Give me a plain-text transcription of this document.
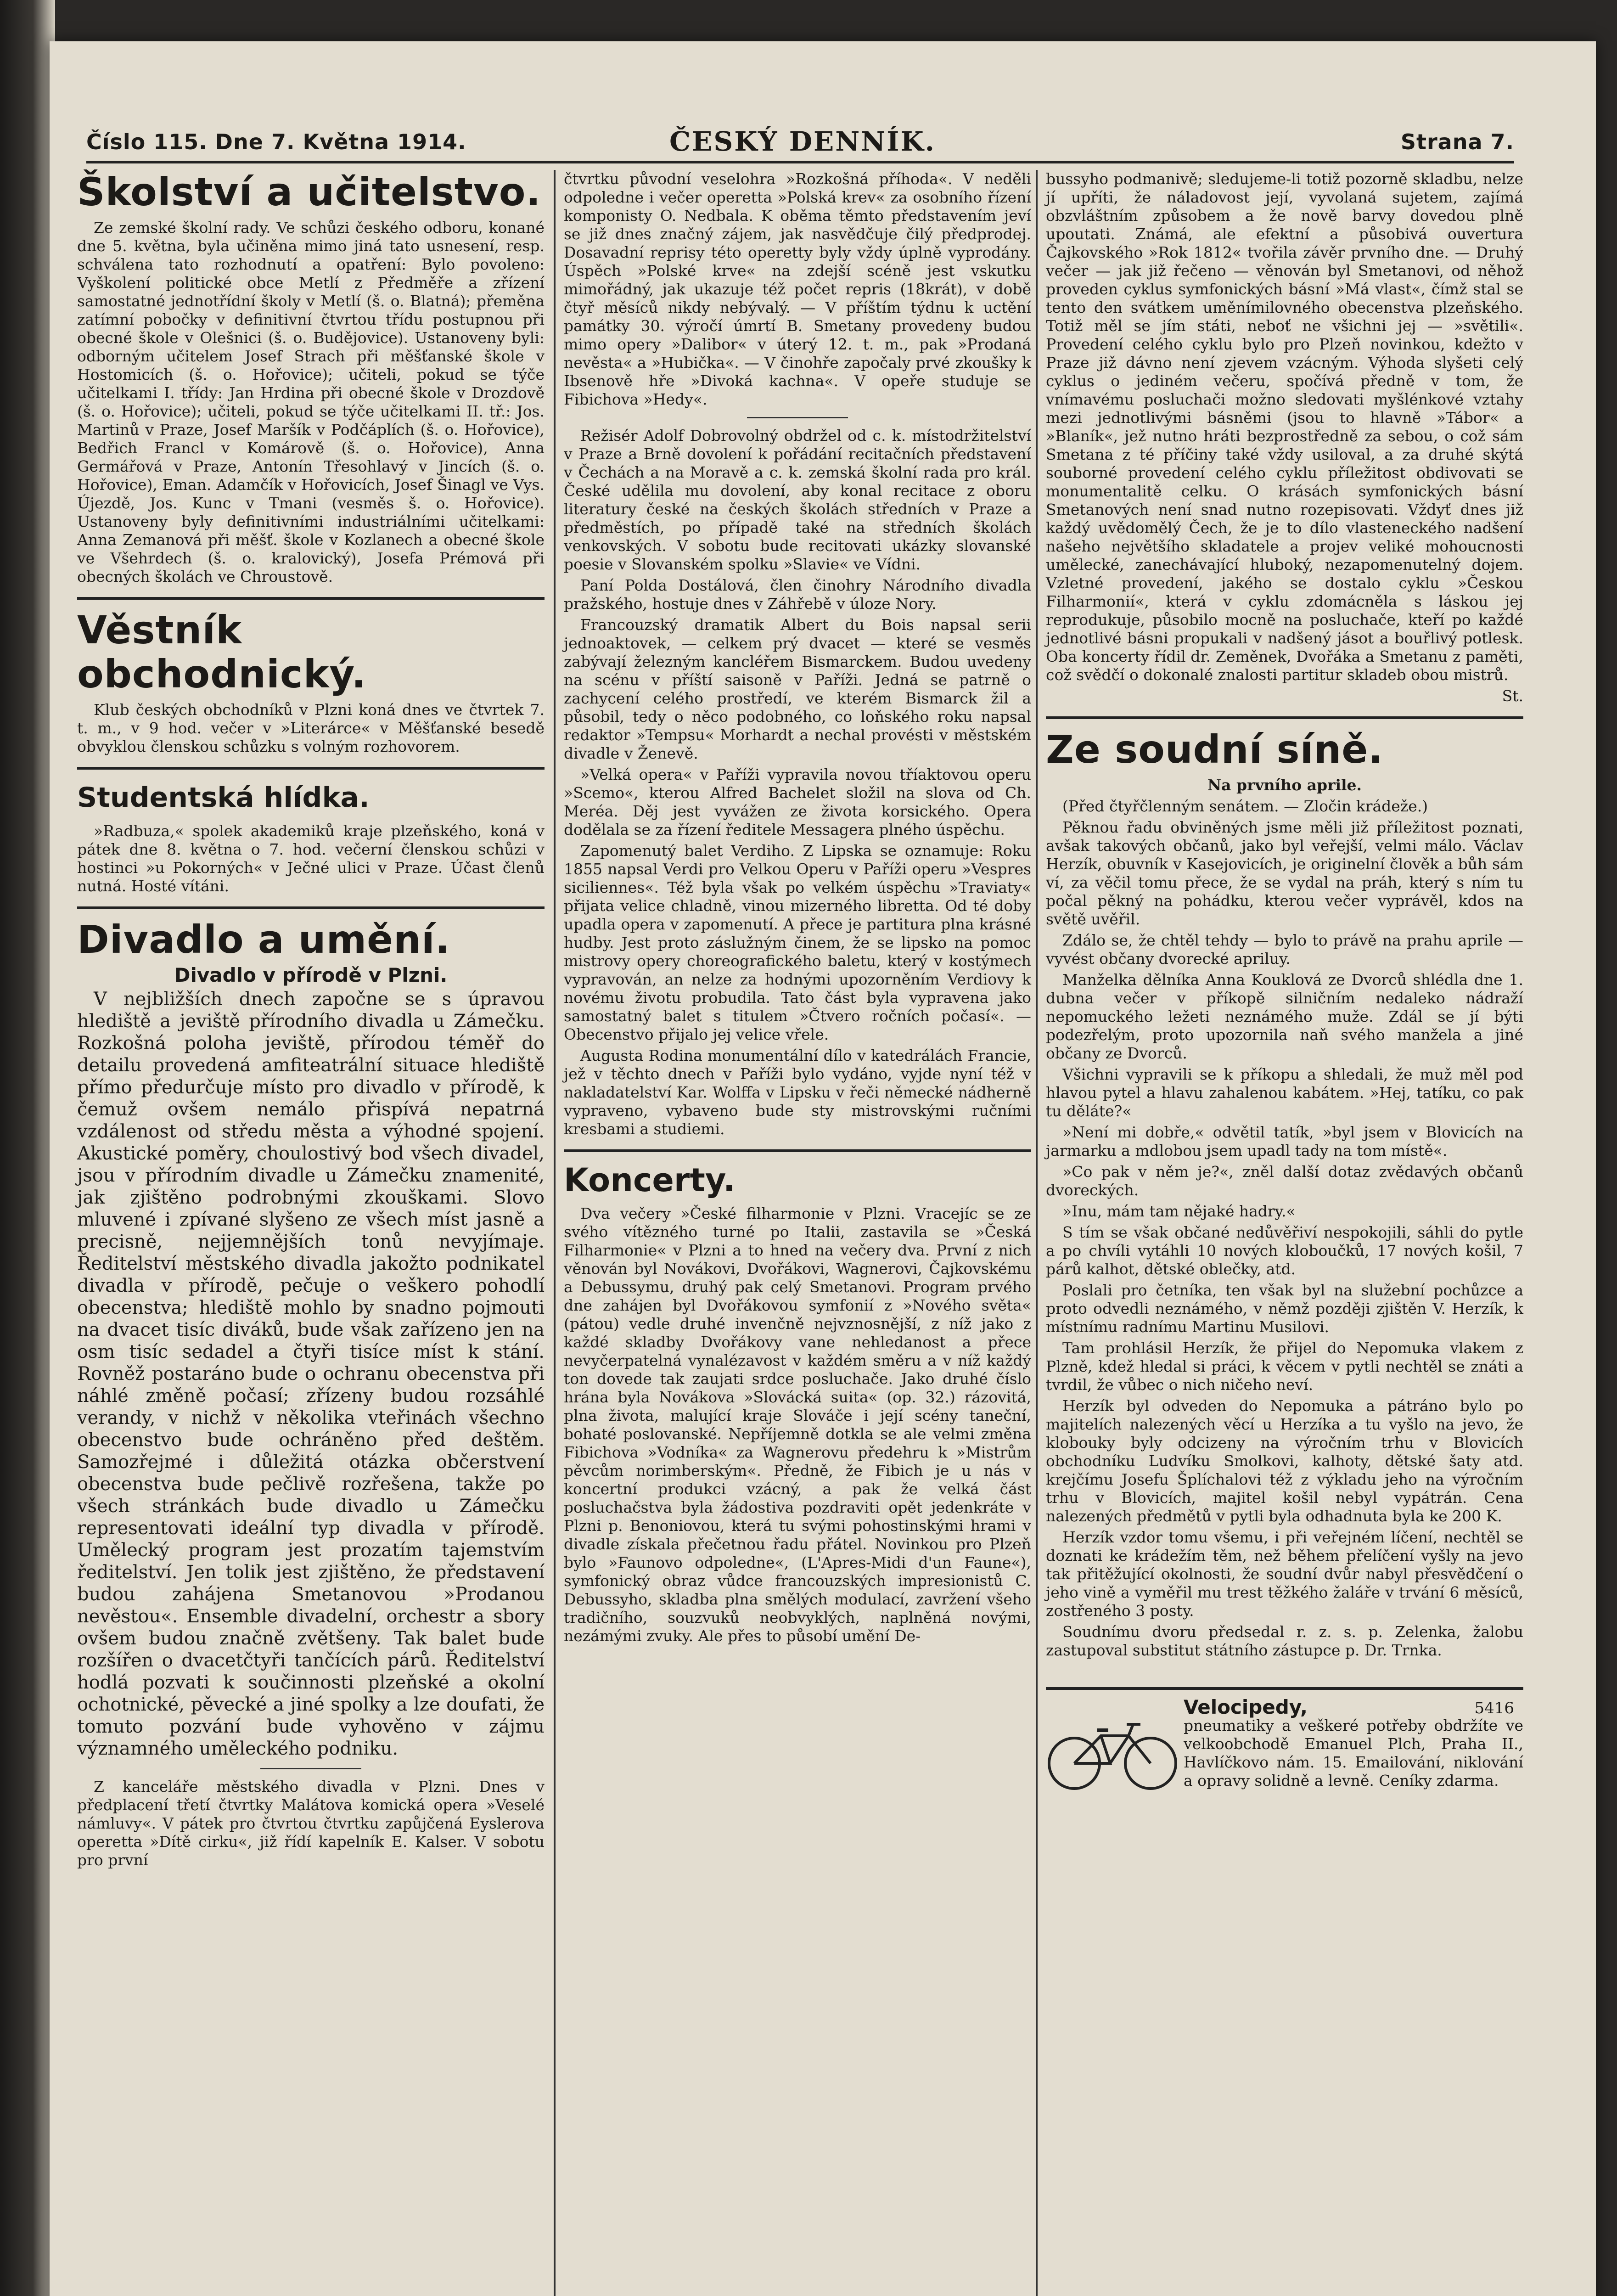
Číslo 115. Dne 7. Května 1914.	ČESKÝ DENNÍK.	Strana 7.
Školství a učitelstvo.

Ze zemské školní rady. Ve schůzi českého odboru, konané dne 5. května, byla učiněna mimo jiná tato usnesení, resp. schválena tato rozhodnutí a opatření: Bylo povoleno: Vyškolení politické obce Metlí z Předměře a zřízení samostatné jednotřídní školy v Metlí (š. o. Blatná); přeměna zatímní pobočky v definitivní čtvrtou třídu postupnou při obecné škole v Olešnici (š. o. Budějovice). Ustanoveny byli: odborným učitelem Josef Strach při měšťanské škole v Hostomicích (š. o. Hořovice); učiteli, pokud se týče učitelkami I. třídy: Jan Hrdina při obecné škole v Drozdově (š. o. Hořovice); učiteli, pokud se týče učitelkami II. tř.: Jos. Martinů v Praze, Josef Maršík v Podčáplích (š. o. Hořovice), Bedřich Francl v Komárově (š. o. Hořovice), Anna Germářová v Praze, Antonín Třesohlavý v Jincích (š. o. Hořovice), Eman. Adamčík v Hořovicích, Josef Šinagl ve Vys. Újezdě, Jos. Kunc v Tmani (vesměs š. o. Hořovice). Ustanoveny byly definitivními industriálními učitelkami: Anna Zemanová při měšť. škole v Kozlanech a obecné škole ve Všehrdech (š. o. kralovický), Josefa Prémová při obecných školách ve Chroustově.

Věstník obchodnický.

Klub českých obchodníků v Plzni koná dnes ve čtvrtek 7. t. m., v 9 hod. večer v »Literárce« v Měšťanské besedě obvyklou členskou schůzku s volným rozhovorem.

Studentská hlídka.

»Radbuza,« spolek akademiků kraje plzeňského, koná v pátek dne 8. května o 7. hod. večerní členskou schůzi v hostinci »u Pokorných« v Ječné ulici v Praze. Účast členů nutná. Hosté vítáni.

Divadlo a umění.
Divadlo v přírodě v Plzni.

V nejbližších dnech započne se s úpravou hlediště a jeviště přírodního divadla u Zámečku. Rozkošná poloha jeviště, přírodou téměř do detailu provedená amfiteatrální situace hlediště přímo předurčuje místo pro divadlo v přírodě, k čemuž ovšem nemálo přispívá nepatrná vzdálenost od středu města a výhodné spojení. Akustické poměry, choulostivý bod všech divadel, jsou v přírodním divadle u Zámečku znamenité, jak zjištěno podrobnými zkouškami. Slovo mluvené i zpívané slyšeno ze všech míst jasně a precisně, nejjemnějších tonů nevyjímaje. Ředitelství městského divadla jakožto podnikatel divadla v přírodě, pečuje o veškero pohodlí obecenstva; hlediště mohlo by snadno pojmouti na dvacet tisíc diváků, bude však zařízeno jen na osm tisíc sedadel a čtyři tisíce míst k stání. Rovněž postaráno bude o ochranu obecenstva při náhlé změně počasí; zřízeny budou rozsáhlé verandy, v nichž v několika vteřinách všechno obecenstvo bude ochráněno před deštěm. Samozřejmé i důležitá otázka občerstvení obecenstva bude pečlivě rozřešena, takže po všech stránkách bude divadlo u Zámečku representovati ideální typ divadla v přírodě. Umělecký program jest prozatím tajemstvím ředitelství. Jen tolik jest zjištěno, že představení budou zahájena Smetanovou »Prodanou nevěstou«. Ensemble divadelní, orchestr a sbory ovšem budou značně zvětšeny. Tak balet bude rozšířen o dvacetčtyři tančících párů. Ředitelství hodlá pozvati k součinnosti plzeňské a okolní ochotnické, pěvecké a jiné spolky a lze doufati, že tomuto pozvání bude vyhověno v zájmu významného uměleckého podniku.

Z kanceláře městského divadla v Plzni. Dnes v předplacení třetí čtvrtky Malátova komická opera »Veselé námluvy«. V pátek pro čtvrtou čtvrtku zapůjčená Eyslerova operetta »Dítě cirku«, již řídí kapelník E. Kalser. V sobotu pro první

čtvrtku původní veselohra »Rozkošná příhoda«. V neděli odpoledne i večer operetta »Polská krev« za osobního řízení komponisty O. Nedbala. K oběma těmto představením jeví se již dnes značný zájem, jak nasvědčuje čilý předprodej. Dosavadní reprisy této operetty byly vždy úplně vyprodány. Úspěch »Polské krve« na zdejší scéně jest vskutku mimořádný, jak ukazuje též počet repris (18krát), v době čtyř měsíců nikdy nebývalý. — V příštím týdnu k uctění památky 30. výročí úmrtí B. Smetany provedeny budou mimo opery »Dalibor« v úterý 12. t. m., pak »Prodaná nevěsta« a »Hubička«. — V činohře započaly prvé zkoušky k Ibsenově hře »Divoká kachna«. V opeře studuje se Fibichova »Hedy«.

Režisér Adolf Dobrovolný obdržel od c. k. místodržitelství v Praze a Brně dovolení k pořádání recitačních představení v Čechách a na Moravě a c. k. zemská školní rada pro král. České udělila mu dovolení, aby konal recitace z oboru literatury české na českých školách středních v Praze a předměstích, po případě také na středních školách venkovských. V sobotu bude recitovati ukázky slovanské poesie v Slovanském spolku »Slavie« ve Vídni.

Paní Polda Dostálová, člen činohry Národního divadla pražského, hostuje dnes v Záhřebě v úloze Nory.

Francouzský dramatik Albert du Bois napsal serii jednoaktovek, — celkem prý dvacet — které se vesměs zabývají železným kancléřem Bismarckem. Budou uvedeny na scénu v příští saisoně v Paříži. Jedná se patrně o zachycení celého prostředí, ve kterém Bismarck žil a působil, tedy o něco podobného, co loňského roku napsal redaktor »Tempsu« Morhardt a nechal provésti v městském divadle v Ženevě.

»Velká opera« v Paříži vypravila novou tříaktovou operu »Scemo«, kterou Alfred Bachelet složil na slova od Ch. Meréa. Děj jest vyvážen ze života korsického. Opera dodělala se za řízení ředitele Messagera plného úspěchu.

Zapomenutý balet Verdiho. Z Lipska se oznamuje: Roku 1855 napsal Verdi pro Velkou Operu v Paříži operu »Vespres siciliennes«. Též byla však po velkém úspěchu »Traviaty« přijata velice chladně, vinou mizerného libretta. Od té doby upadla opera v zapomenutí. A přece je partitura plna krásné hudby. Jest proto záslužným činem, že se lipsko na pomoc mistrovy opery choreografického baletu, který v kostýmech vypravován, an nelze za hodnými upozorněním Verdiovy k novému životu probudila. Tato část byla vypravena jako samostatný balet s titulem »Čtvero ročních počasí«. — Obecenstvo přijalo jej velice vřele.

Augusta Rodina monumentální dílo v katedrálách Francie, jež v těchto dnech v Paříži bylo vydáno, vyjde nyní též v nakladatelství Kar. Wolffa v Lipsku v řeči německé nádherně vypraveno, vybaveno bude sty mistrovskými ručními kresbami a studiemi.

Koncerty.

Dva večery »České filharmonie v Plzni. Vracejíc se ze svého vítězného turné po Italii, zastavila se »Česká Filharmonie« v Plzni a to hned na večery dva. První z nich věnován byl Novákovi, Dvořákovi, Wagnerovi, Čajkovskému a Debussymu, druhý pak celý Smetanovi. Program prvého dne zahájen byl Dvořákovou symfonií z »Nového světa« (pátou) vedle druhé invenčně nejvznosnější, z níž jako z každé skladby Dvořákovy vane nehledanost a přece nevyčerpatelná vynalézavost v každém směru a v níž každý ton dovede tak zaujati srdce posluchače. Jako druhé číslo hrána byla Novákova »Slovácká suita« (op. 32.) rázovitá, plna života, malující kraje Slováče i její scény taneční, bohaté poslovanské. Nepříjemně dotkla se ale velmi změna Fibichova »Vodníka« za Wagnerovu předehru k »Mistrům pěvcům norimberským«. Předně, že Fibich je u nás v koncertní produkci vzácný, a pak že velká část posluchačstva byla žádostiva pozdraviti opět jedenkráte v Plzni p. Benoniovou, která tu svými pohostinskými hrami v divadle získala přečetnou řadu přátel. Novinkou pro Plzeň bylo »Faunovo odpoledne«, (L'Apres-Midi d'un Faune«), symfonický obraz vůdce francouzských impresionistů C. Debussyho, skladba plna smělých modulací, zavržení všeho tradičního, souzvuků neobvyklých, naplněná novými, nezámými zvuky. Ale přes to působí umění De-

bussyho podmanivě; sledujeme-li totiž pozorně skladbu, nelze jí upříti, že náladovost její, vyvolaná sujetem, zajímá obzvláštním způsobem a že nově barvy dovedou plně upoutati. Známá, ale efektní a působivá ouvertura Čajkovského »Rok 1812« tvořila závěr prvního dne. — Druhý večer — jak již řečeno — věnován byl Smetanovi, od něhož proveden cyklus symfonických básní »Má vlast«, čímž stal se tento den svátkem uměnímilovného obecenstva plzeňského. Totiž měl se jím státi, neboť ne všichni jej — »světili«. Provedení celého cyklu bylo pro Plzeň novinkou, kdežto v Praze již dávno není zjevem vzácným. Výhoda slyšeti celý cyklus o jediném večeru, spočívá předně v tom, že vnímavému posluchači možno sledovati myšlénkové vztahy mezi jednotlivými básněmi (jsou to hlavně »Tábor« a »Blaník«, jež nutno hráti bezprostředně za sebou, o což sám Smetana z té příčiny také vždy usiloval, a za druhé skýtá souborné provedení celého cyklu příležitost obdivovati se monumentalitě celku. O krásách symfonických básní Smetanových není snad nutno rozepisovati. Vždyť dnes již každý uvědomělý Čech, že je to dílo vlasteneckého nadšení našeho největšího skladatele a projev veliké mohoucnosti umělecké, zanechávající hluboký, nezapomenutelný dojem. Vzletné provedení, jakého se dostalo cyklu »Českou Filharmonií«, která v cyklu zdomácněla s láskou jej reprodukuje, působilo mocně na posluchače, kteří po každé jednotlivé básni propukali v nadšený jásot a bouřlivý potlesk. Oba koncerty řídil dr. Zeměnek, Dvořáka a Smetanu z paměti, což svědčí o dokonalé znalosti partitur skladeb obou mistrů.

St.

Ze soudní síně.

Na prvního aprile.

(Před čtyřčlenným senátem. — Zločin krádeže.)

Pěknou řadu obviněných jsme měli již příležitost poznati, avšak takových občanů, jako byl veřejší, velmi málo. Václav Herzík, obuvník v Kasejovicích, je originelní člověk a bůh sám ví, za věčil tomu přece, že se vydal na práh, který s ním tu počal pěkný na pohádku, kterou večer vyprávěl, kdos na světě uvěřil.

Zdálo se, že chtěl tehdy — bylo to právě na prahu aprile — vyvést občany dvorecké apriluy.

Manželka dělníka Anna Kouklová ze Dvorců shlédla dne 1. dubna večer v příkopě silničním nedaleko nádraží nepomuckého ležeti neznámého muže. Zdál se jí býti podezřelým, proto upozornila naň svého manžela a jiné občany ze Dvorců.

Všichni vypravili se k příkopu a shledali, že muž měl pod hlavou pytel a hlavu zahalenou kabátem. »Hej, tatíku, co pak tu děláte?«

»Není mi dobře,« odvětil tatík, »byl jsem v Blovicích na jarmarku a mdlobou jsem upadl tady na tom místě«.

»Co pak v něm je?«, zněl další dotaz zvědavých občanů dvoreckých.

»Inu, mám tam nějaké hadry.«

S tím se však občané nedůvěřiví nespokojili, sáhli do pytle a po chvíli vytáhli 10 nových kloboučků, 17 nových košil, 7 párů kalhot, dětské oblečky, atd.

Poslali pro četníka, ten však byl na služební pochůzce a proto odvedli neznámého, v němž později zjištěn V. Herzík, k místnímu radnímu Martinu Musilovi.

Tam prohlásil Herzík, že přijel do Nepomuka vlakem z Plzně, kdež hledal si práci, k věcem v pytli nechtěl se znáti a tvrdil, že vůbec o nich ničeho neví.

Herzík byl odveden do Nepomuka a pátráno bylo po majitelích nalezených věcí u Herzíka a tu vyšlo na jevo, že klobouky byly odcizeny na výročním trhu v Blovicích obchodníku Ludvíku Smolkovi, kalhoty, dětské šaty atd. krejčímu Josefu Šplíchalovi též z výkladu jeho na výročním trhu v Blovicích, majitel košil nebyl vypátrán. Cena nalezených předmětů v pytli byla odhadnuta byla ke 200 K.

Herzík vzdor tomu všemu, i při veřejném líčení, nechtěl se doznati ke krádežím těm, než během přelíčení vyšly na jevo tak přitěžující okolnosti, že soudní dvůr nabyl přesvědčení o jeho vině a vyměřil mu trest těžkého žaláře v trvání 6 měsíců, zostřeného 3 posty.

Soudnímu dvoru předsedal r. z. s. p. Zelenka, žalobu zastupoval substitut státního zástupce p. Dr. Trnka.

5416
Velocipedy,
pneumatiky a veškeré potřeby obdržíte ve velkoobchodě Emanuel Plch, Praha II., Havlíčkovo nám. 15. Emailování, niklování a opravy solidně a levně. Ceníky zdarma.
